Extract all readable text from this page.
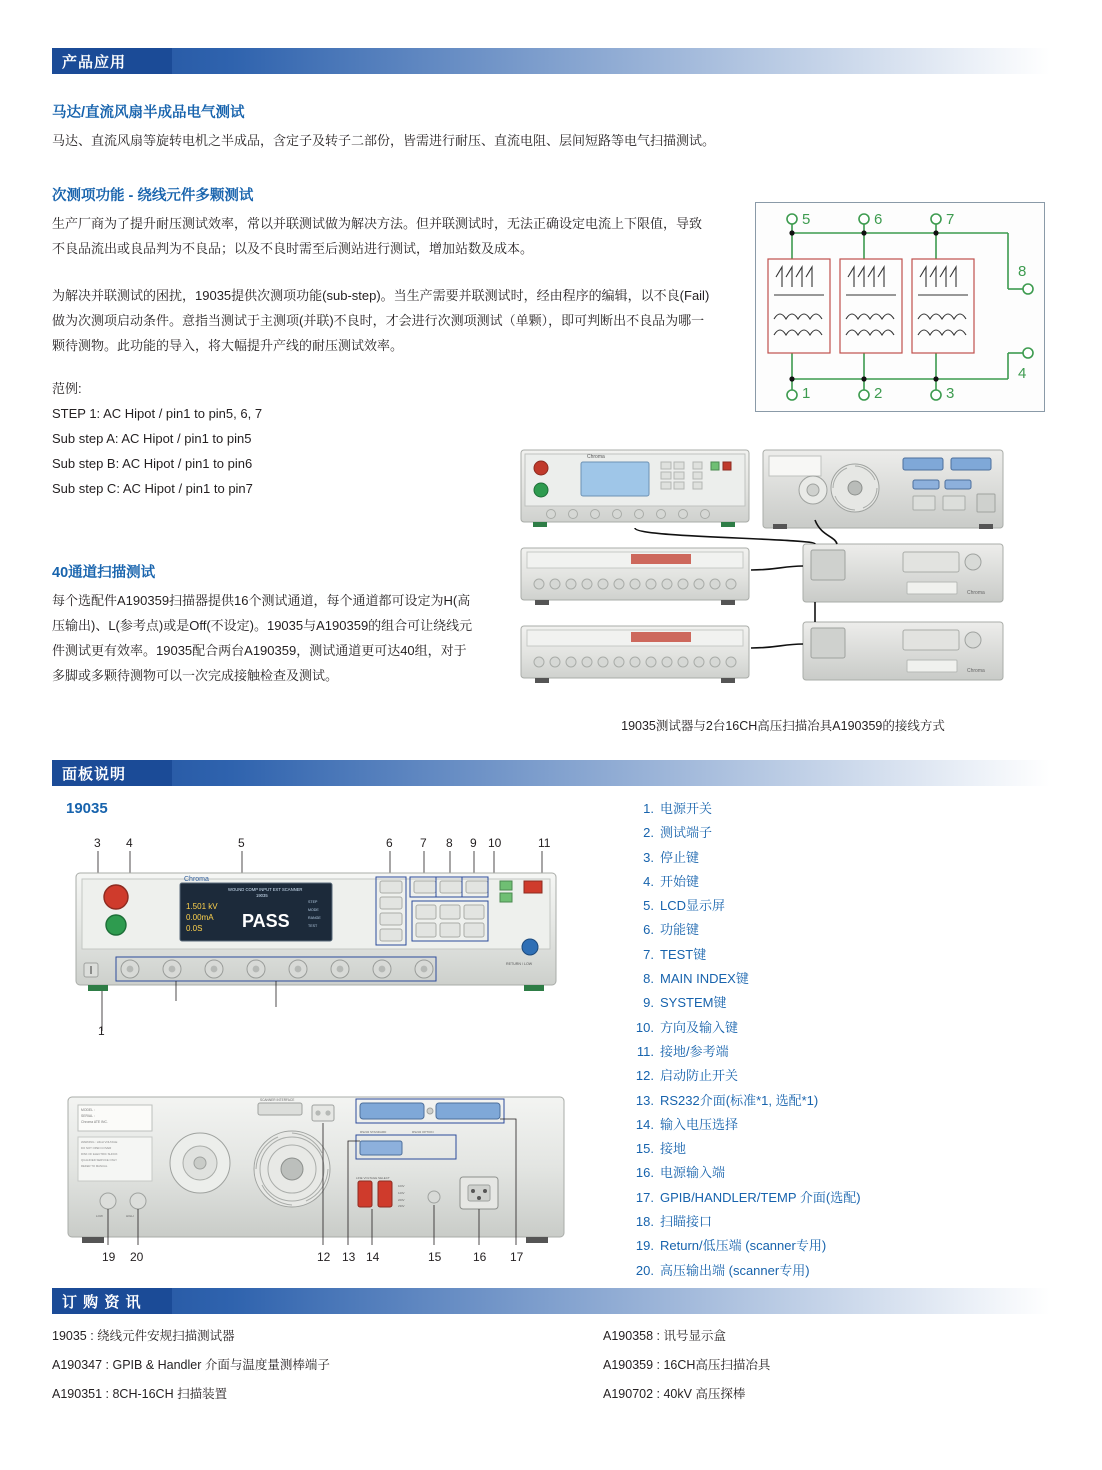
产品应用
马达/直流风扇半成品电气测试

马达、直流风扇等旋转电机之半成品，含定子及转子二部份，皆需进行耐压、直流电阻、层间短路等电气扫描测试。

次测项功能 - 绕线元件多颗测试

生产厂商为了提升耐压测试效率，常以并联测试做为解决方法。但并联测试时，无法正确设定电流上下限值，导致不良品流出或良品判为不良品；以及不良时需至后测站进行测试，增加站数及成本。

为解决并联测试的困扰，19035提供次测项功能(sub-step)。当生产需要并联测试时，经由程序的编辑，以不良(Fail)做为次测项启动条件。意指当测试于主测项(并联)不良时，才会进行次测项测试（单颗），即可判断出不良品为哪一颗待测物。此功能的导入，将大幅提升产线的耐压测试效率。

范例:
STEP 1: AC Hipot / pin1 to pin5, 6, 7
Sub step A: AC Hipot / pin1 to pin5
Sub step B: AC Hipot / pin1 to pin6
Sub step C: AC Hipot / pin1 to pin7
40通道扫描测试

每个选配件A190359扫描器提供16个测试通道，每个通道都可设定为H(高压输出)、L(参考点)或是Off(不设定)。19035与A190359的组合可让绕线元件测试更有效率。19035配合两台A190359，测试通道更可达40组，对于多脚或多颗待测物可以一次完成接触检查及测试。

5	6	7
1	2	3
8
4
Chroma
Chroma
Chroma
19035测试器与2台16CH高压扫描冶具A190359的接线方式
面板说明
19035	1. 电源开关
2. 测试端子
3. 停止键
4. 开始键
5. LCD显示屏
6. 功能键
7. TEST键
8. MAIN INDEX键
9. SYSTEM键
10. 方向及输入键
11. 接地/参考端
12. 启动防止开关
13. RS232介面(标准*1, 选配*1)
14. 输入电压选择
15. 接地
16. 电源输入端
17. GPIB/HANDLER/TEMP 介面(选配)
18. 扫瞄接口
19. Return/低压端 (scanner专用)
20. 高压输出端 (scanner专用)
3 4	5	6 7 8 9 10	11
1
Chroma
WOUND COMP INPUT EXT SCANNER
19035
1.501 kV
0.00mA
0.0S PASS
STEP
MODE
RANGE
TEST
RETURN / LOW
MODEL :
SERIAL :
Chroma ATE INC.
WARNING : HIGH VOLTAGE
DO NOT OPEN COVER
RISK OF ELECTRIC SHOCK
QUALIFIED SERVICE ONLY
REFER TO MANUAL
LOW	HIGH
SCANNER INTERFACE
RS232 STANDARD	RS232 OPTION
100V
120V
220V
230V
LINE VOLTAGE SELECT
19 20	12 13 14	15	16 17
订 购 资 讯
19035 : 绕线元件安规扫描测试器
A190347 : GPIB & Handler 介面与温度量测棒端子
A190351 : 8CH-16CH 扫描装置
A190358 : 讯号显示盒
A190359 : 16CH高压扫描冶具
A190702 : 40kV 高压探棒
